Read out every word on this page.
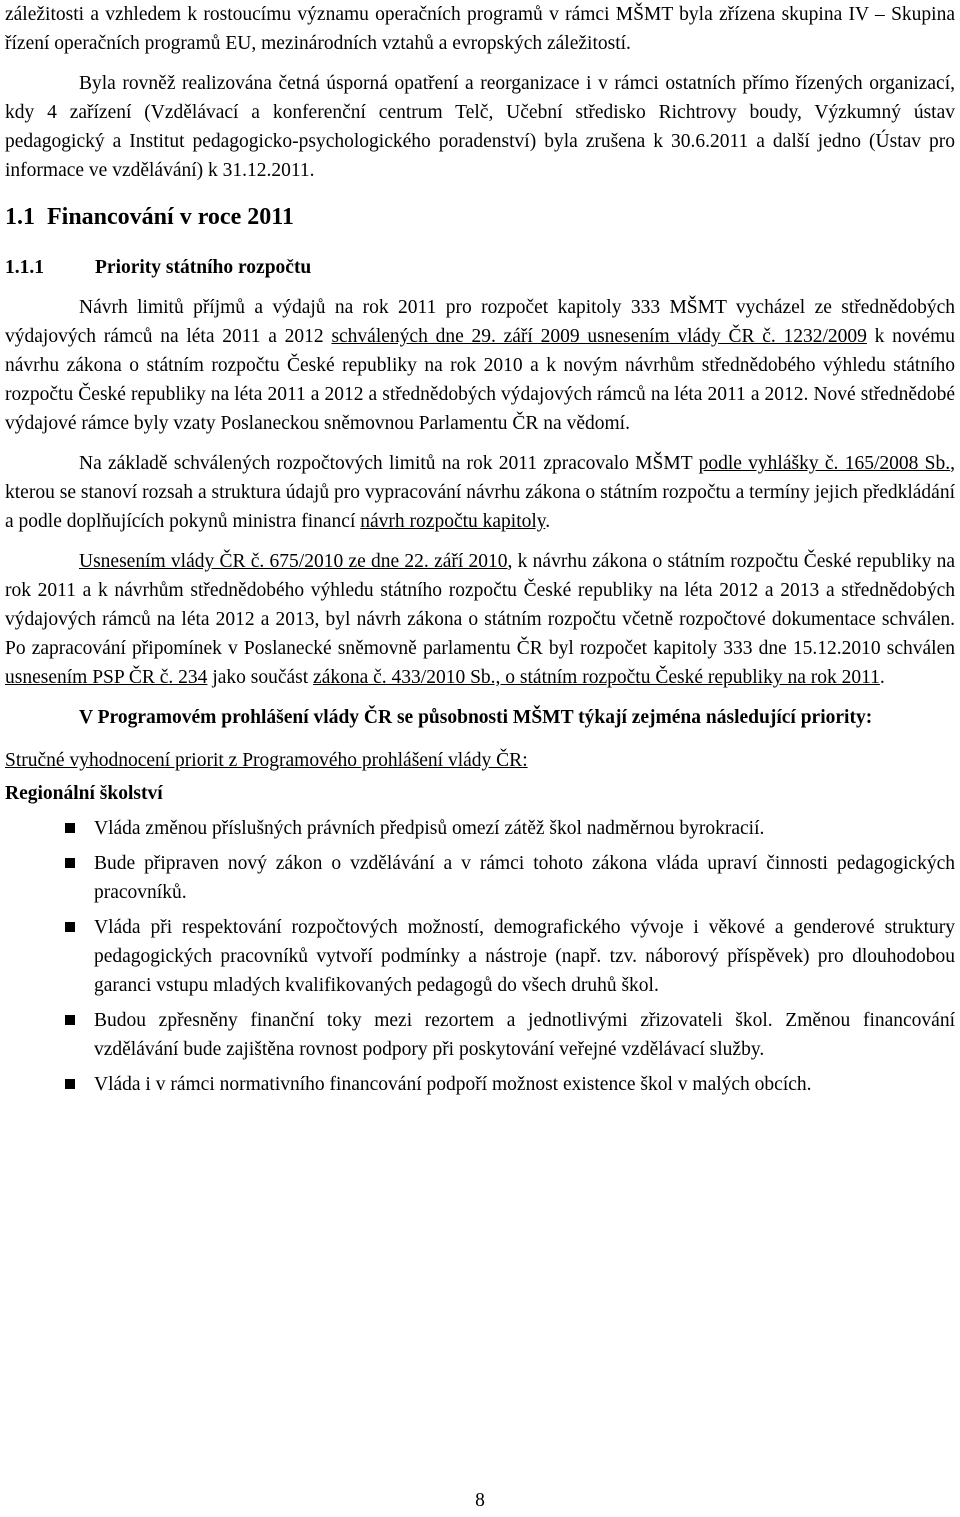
záležitosti a vzhledem k rostoucímu významu operačních programů v rámci MŠMT byla zřízena skupina IV – Skupina řízení operačních programů EU, mezinárodních vztahů a evropských záležitostí.

Byla rovněž realizována četná úsporná opatření a reorganizace i v rámci ostatních přímo řízených organizací, kdy 4 zařízení (Vzdělávací a konferenční centrum Telč, Učební středisko Richtrovy boudy, Výzkumný ústav pedagogický a Institut pedagogicko-psychologického poradenství) byla zrušena k 30.6.2011 a další jedno (Ústav pro informace ve vzdělávání) k 31.12.2011.

1.1 Financování v roce 2011
1.1.1	Priority státního rozpočtu

Návrh limitů příjmů a výdajů na rok 2011 pro rozpočet kapitoly 333 MŠMT vycházel ze střednědobých výdajových rámců na léta 2011 a 2012 schválených dne 29. září 2009 usnesením vlády ČR č. 1232/2009 k novému návrhu zákona o státním rozpočtu České republiky na rok 2010 a k novým návrhům střednědobého výhledu státního rozpočtu České republiky na léta 2011 a 2012 a střednědobých výdajových rámců na léta 2011 a 2012. Nové střednědobé výdajové rámce byly vzaty Poslaneckou sněmovnou Parlamentu ČR na vědomí.

Na základě schválených rozpočtových limitů na rok 2011 zpracovalo MŠMT podle vyhlášky č. 165/2008 Sb., kterou se stanoví rozsah a struktura údajů pro vypracování návrhu zákona o státním rozpočtu a termíny jejich předkládání a podle doplňujících pokynů ministra financí návrh rozpočtu kapitoly.

Usnesením vlády ČR č. 675/2010 ze dne 22. září 2010, k návrhu zákona o státním rozpočtu České republiky na rok 2011 a k návrhům střednědobého výhledu státního rozpočtu České republiky na léta 2012 a 2013 a střednědobých výdajových rámců na léta 2012 a 2013, byl návrh zákona o státním rozpočtu včetně rozpočtové dokumentace schválen. Po zapracování připomínek v Poslanecké sněmovně parlamentu ČR byl rozpočet kapitoly 333 dne 15.12.2010 schválen usnesením PSP ČR č. 234 jako součást zákona č. 433/2010 Sb., o státním rozpočtu České republiky na rok 2011.

V Programovém prohlášení vlády ČR se působnosti MŠMT týkají zejména následující priority:

Stručné vyhodnocení priorit z Programového prohlášení vlády ČR:

Regionální školství

Vláda změnou příslušných právních předpisů omezí zátěž škol nadměrnou byrokracií.
Bude připraven nový zákon o vzdělávání a v rámci tohoto zákona vláda upraví činnosti pedagogických pracovníků.
Vláda při respektování rozpočtových možností, demografického vývoje i věkové a genderové struktury pedagogických pracovníků vytvoří podmínky a nástroje (např. tzv. náborový příspěvek) pro dlouhodobou garanci vstupu mladých kvalifikovaných pedagogů do všech druhů škol.
Budou zpřesněny finanční toky mezi rezortem a jednotlivými zřizovateli škol. Změnou financování vzdělávání bude zajištěna rovnost podpory při poskytování veřejné vzdělávací služby.
Vláda i v rámci normativního financování podpoří možnost existence škol v malých obcích.
8
